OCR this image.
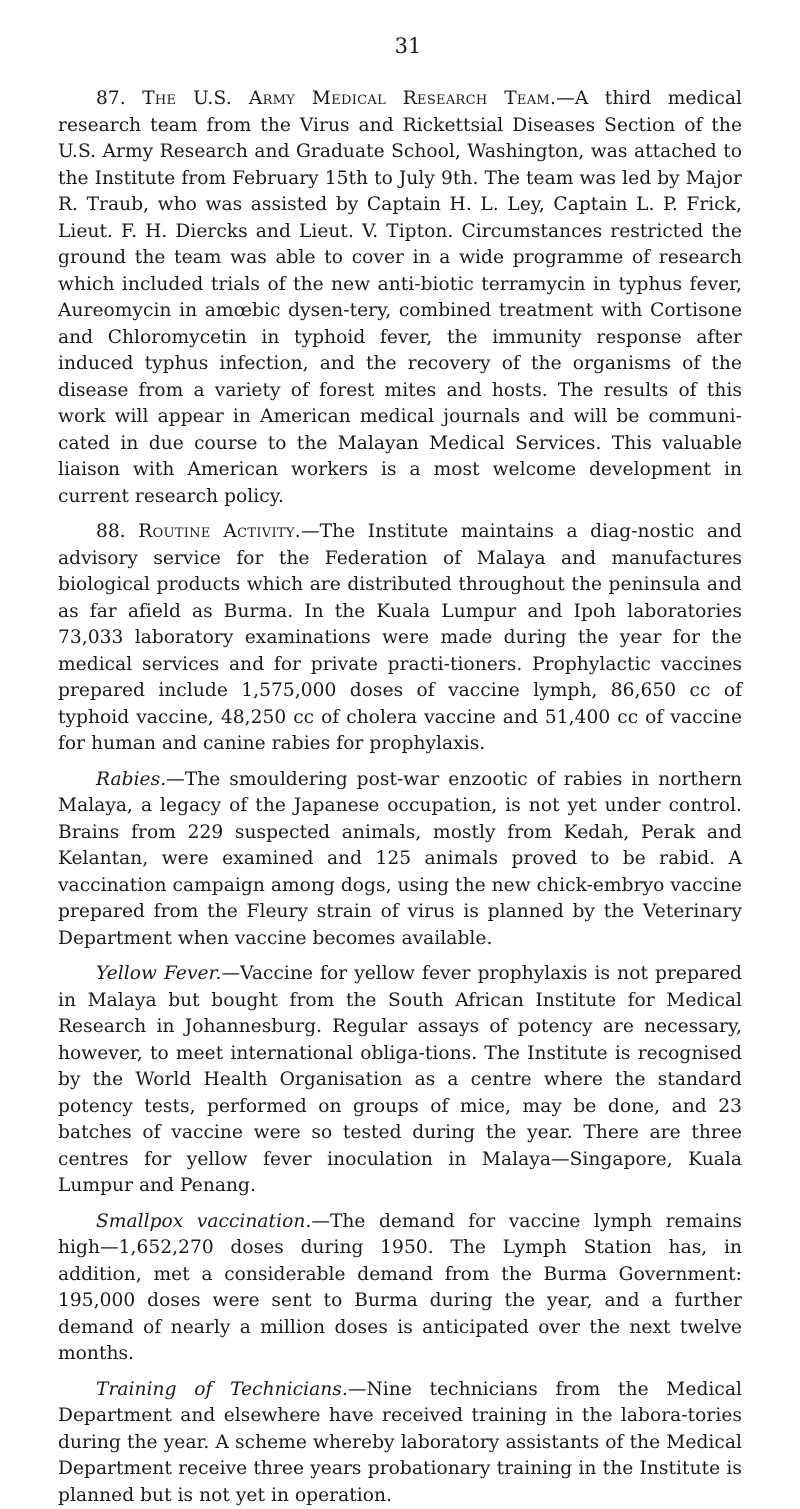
31

87. The U.S. Army Medical Research Team.—A third medical research team from the Virus and Rickettsial Diseases Section of the U.S. Army Research and Graduate School, Washington, was attached to the Institute from February 15th to July 9th. The team was led by Major R. Traub, who was assisted by Captain H. L. Ley, Captain L. P. Frick, Lieut. F. H. Diercks and Lieut. V. Tipton. Circumstances restricted the ground the team was able to cover in a wide programme of research which included trials of the new anti-biotic terramycin in typhus fever, Aureomycin in amœbic dysen-tery, combined treatment with Cortisone and Chloromycetin in typhoid fever, the immunity response after induced typhus infection, and the recovery of the organisms of the disease from a variety of forest mites and hosts. The results of this work will appear in American medical journals and will be communi-cated in due course to the Malayan Medical Services. This valuable liaison with American workers is a most welcome development in current research policy.

88. Routine Activity.—The Institute maintains a diag-nostic and advisory service for the Federation of Malaya and manufactures biological products which are distributed throughout the peninsula and as far afield as Burma. In the Kuala Lumpur and Ipoh laboratories 73,033 laboratory examinations were made during the year for the medical services and for private practi-tioners. Prophylactic vaccines prepared include 1,575,000 doses of vaccine lymph, 86,650 cc of typhoid vaccine, 48,250 cc of cholera vaccine and 51,400 cc of vaccine for human and canine rabies for prophylaxis.

Rabies.—The smouldering post-war enzootic of rabies in northern Malaya, a legacy of the Japanese occupation, is not yet under control. Brains from 229 suspected animals, mostly from Kedah, Perak and Kelantan, were examined and 125 animals proved to be rabid. A vaccination campaign among dogs, using the new chick-embryo vaccine prepared from the Fleury strain of virus is planned by the Veterinary Department when vaccine becomes available.

Yellow Fever.—Vaccine for yellow fever prophylaxis is not prepared in Malaya but bought from the South African Institute for Medical Research in Johannesburg. Regular assays of potency are necessary, however, to meet international obliga-tions. The Institute is recognised by the World Health Organisation as a centre where the standard potency tests, performed on groups of mice, may be done, and 23 batches of vaccine were so tested during the year. There are three centres for yellow fever inoculation in Malaya—Singapore, Kuala Lumpur and Penang.

Smallpox vaccination.—The demand for vaccine lymph remains high—1,652,270 doses during 1950. The Lymph Station has, in addition, met a considerable demand from the Burma Government: 195,000 doses were sent to Burma during the year, and a further demand of nearly a million doses is anticipated over the next twelve months.

Training of Technicians.—Nine technicians from the Medical Department and elsewhere have received training in the labora-tories during the year. A scheme whereby laboratory assistants of the Medical Department receive three years probationary training in the Institute is planned but is not yet in operation.
